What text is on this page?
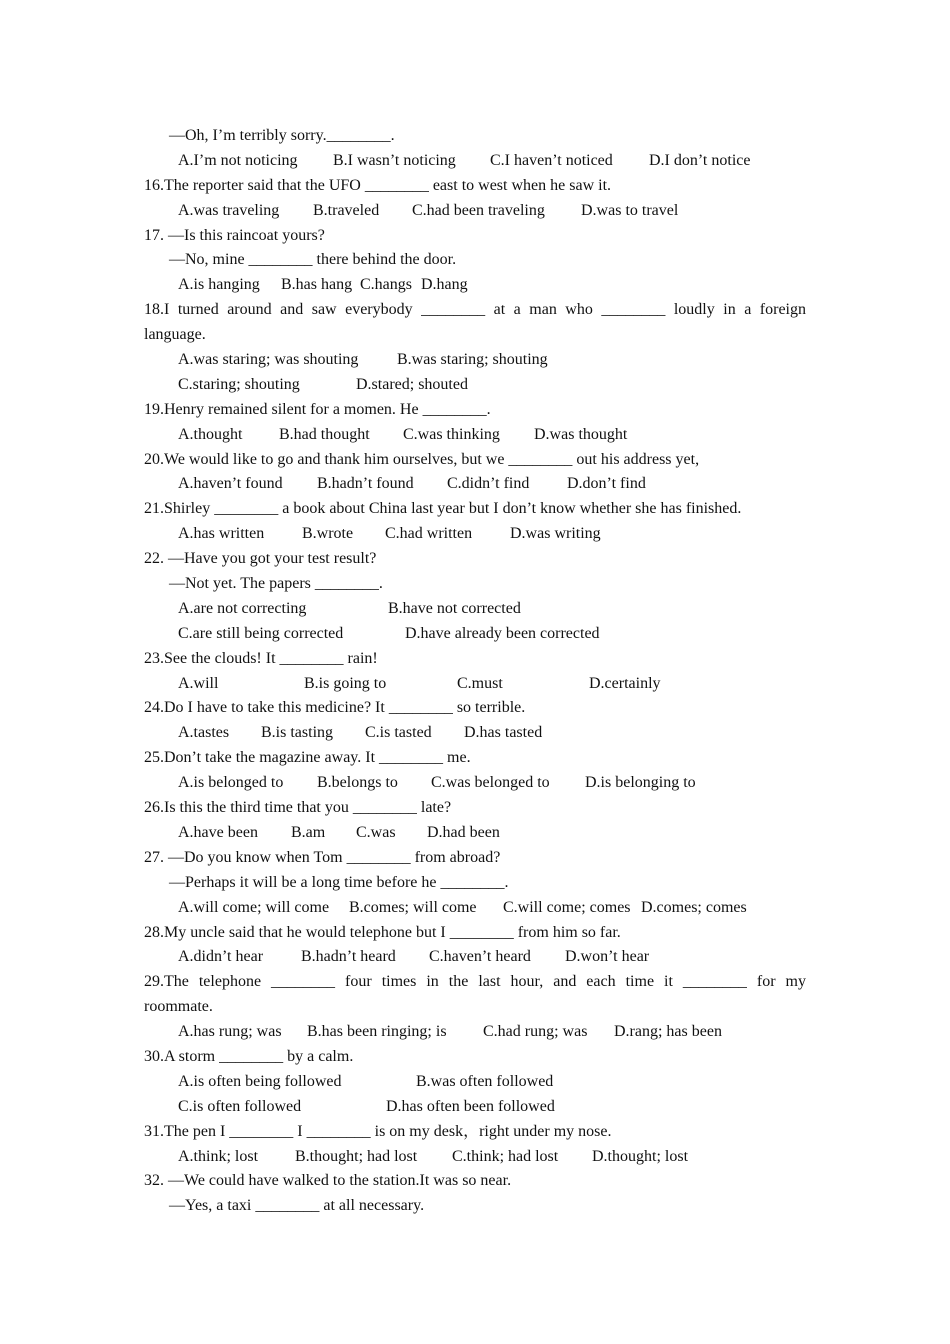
—Oh, I’m terribly sorry.________.
A.I’m not noticing B.I wasn’t noticing C.I haven’t noticed D.I don’t notice
16.The reporter said that the UFO ________ east to west when he saw it.
A.was traveling B.traveled C.had been traveling D.was to travel
17. —Is this raincoat yours?
—No, mine ________ there behind the door.
A.is hanging B.has hang C.hangs D.hang
18.I turned around and saw everybody ________ at a man who ________ loudly in a foreign
language.
A.was staring; was shouting B.was staring; shouting
C.staring; shouting	D.stared; shouted
19.Henry remained silent for a momen. He ________.
A.thought B.had thought C.was thinking D.was thought
20.We would like to go and thank him ourselves, but we ________ out his address yet,
A.haven’t found B.hadn’t found C.didn’t find D.don’t find
21.Shirley ________ a book about China last year but I don’t know whether she has finished.
A.has written B.wrote C.had written D.was writing
22. —Have you got your test result?
—Not yet. The papers ________.
A.are not correcting	B.have not corrected
C.are still being corrected	D.have already been corrected
23.See the clouds! It ________ rain!
A.will	B.is going to	C.must	D.certainly
24.Do I have to take this medicine? It ________ so terrible.
A.tastes B.is tasting C.is tasted D.has tasted
25.Don’t take the magazine away. It ________ me.
A.is belonged to B.belongs to C.was belonged to D.is belonging to
26.Is this the third time that you ________ late?
A.have been B.am C.was D.had been
27. —Do you know when Tom ________ from abroad?
—Perhaps it will be a long time before he ________.
A.will come; will come B.comes; will come C.will come; comes D.comes; comes
28.My uncle said that he would telephone but I ________ from him so far.
A.didn’t hear B.hadn’t heard C.haven’t heard D.won’t hear
29.The telephone ________ four times in the last hour, and each time it ________ for my
roommate.
A.has rung; was B.has been ringing; is C.had rung; was D.rang; has been
30.A storm ________ by a calm.
A.is often being followed	B.was often followed
C.is often followed	D.has often been followed
31.The pen I ________ I ________ is on my desk，right under my nose.
A.think; lost B.thought; had lost C.think; had lost D.thought; lost
32. —We could have walked to the station.It was so near.
—Yes, a taxi ________ at all necessary.
